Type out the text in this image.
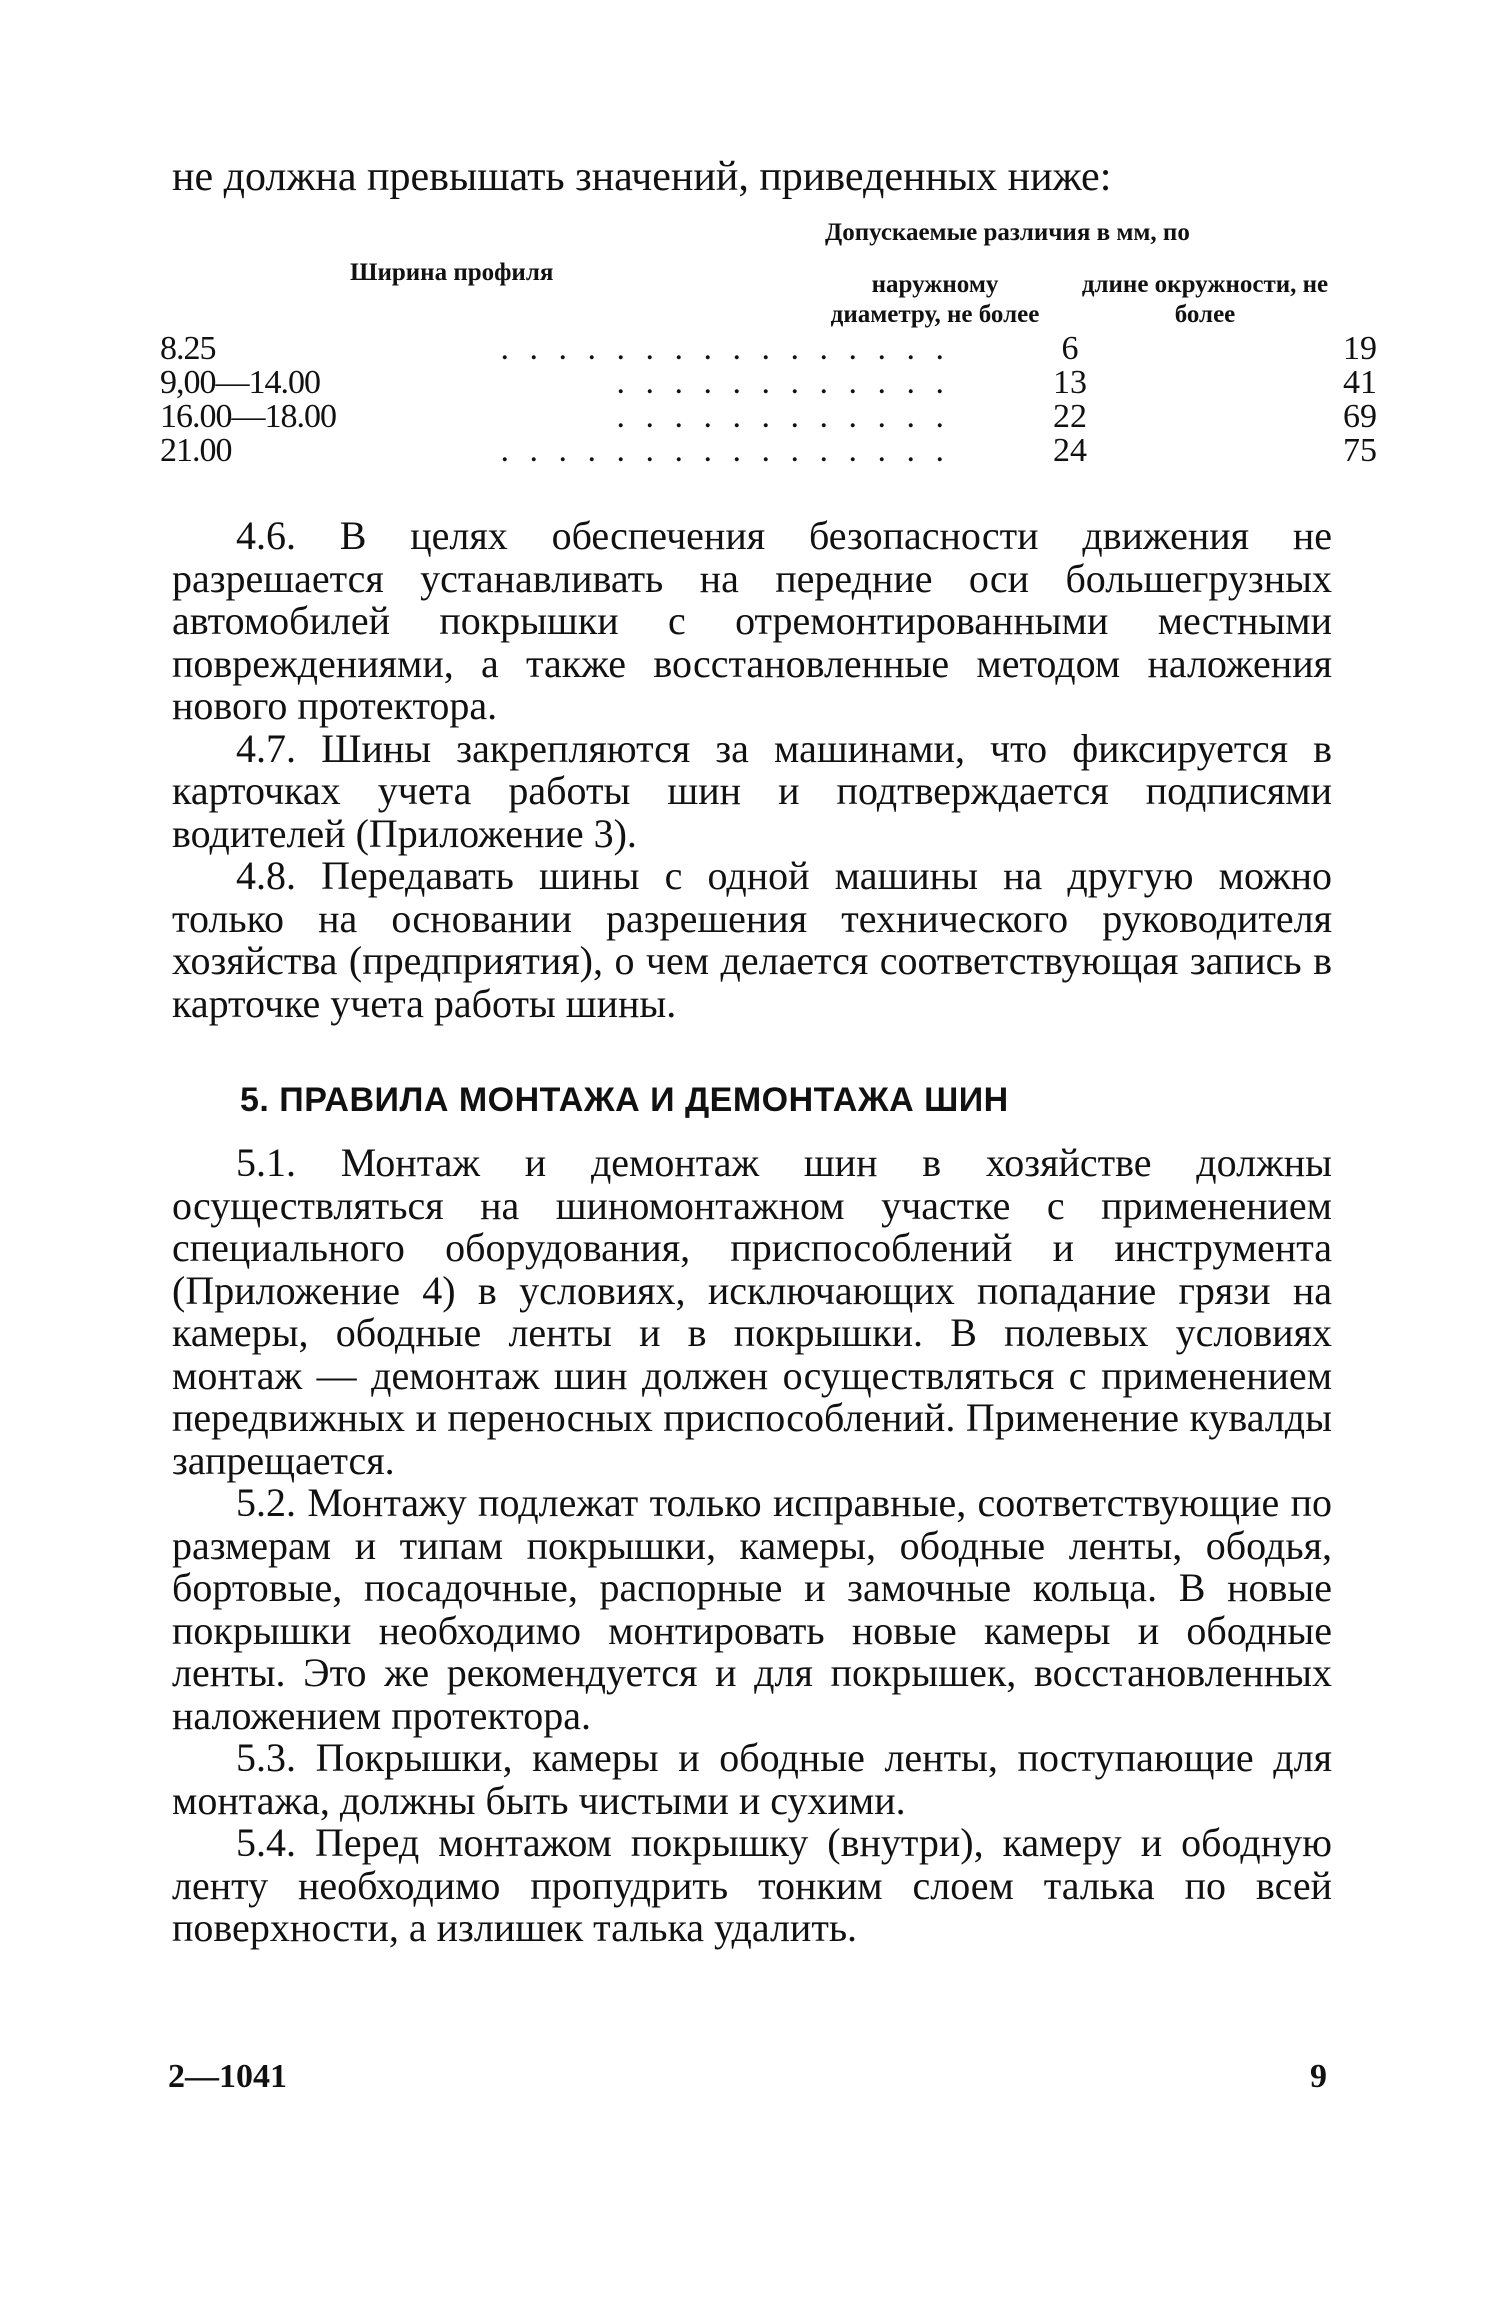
не должна превышать значений, приведенных ниже:
Ширина профиля
Допускаемые различия в мм, по
наружному диаметру, не более
длине окружности, не более
8.25	. . . . . . . . . . . . . . . .	6	19
9,00—14.00	. . . . . . . . . . . .	13	41
16.00—18.00	. . . . . . . . . . . .	22	69
21.00	. . . . . . . . . . . . . . . .	24	75

4.6. В целях обеспечения безопасности движения не разрешается устанавливать на передние оси большегрузных автомобилей покрышки с отремонтированными местными повреждениями, а также восстановленные методом наложения нового протектора.

4.7. Шины закрепляются за машинами, что фиксируется в карточках учета работы шин и подтверждается подписями водителей (Приложение 3).

4.8. Передавать шины с одной машины на другую можно только на основании разрешения технического руководителя хозяйства (предприятия), о чем делается соответствующая запись в карточке учета работы шины.

5. ПРАВИЛА МОНТАЖА И ДЕМОНТАЖА ШИН

5.1. Монтаж и демонтаж шин в хозяйстве должны осуществляться на шиномонтажном участке с применением специального оборудования, приспособлений и инструмента (Приложение 4) в условиях, исключающих попадание грязи на камеры, ободные ленты и в покрышки. В полевых условиях монтаж — демонтаж шин должен осуществляться с применением передвижных и переносных приспособлений. Применение кувалды запрещается.

5.2. Монтажу подлежат только исправные, соответствующие по размерам и типам покрышки, камеры, ободные ленты, ободья, бортовые, посадочные, распорные и замочные кольца. В новые покрышки необходимо монтировать новые камеры и ободные ленты. Это же рекомендуется и для покрышек, восстановленных наложением протектора.

5.3. Покрышки, камеры и ободные ленты, поступающие для монтажа, должны быть чистыми и сухими.

5.4. Перед монтажом покрышку (внутри), камеру и ободную ленту необходимо пропудрить тонким слоем талька по всей поверхности, а излишек талька удалить.

2—1041	9
